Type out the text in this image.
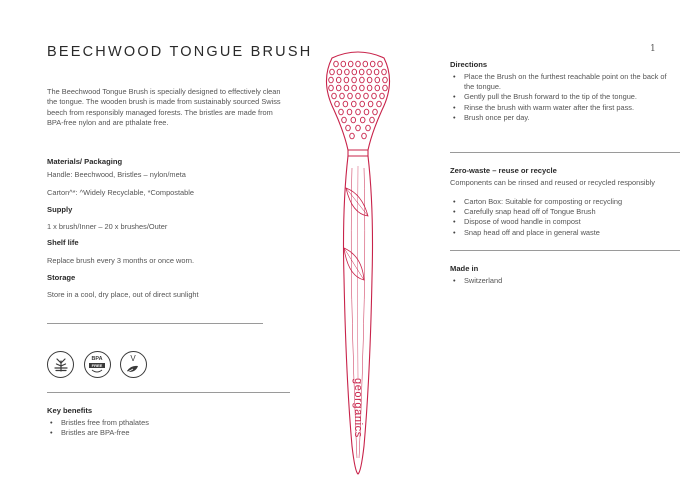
BEECHWOOD TONGUE BRUSH	1
The Beechwood Tongue Brush is specially designed to effectively clean the tongue. The wooden brush is made from sustainably sourced Swiss beech from responsibly managed forests. The bristles are made from BPA-free nylon and are pthalate free.
Materials/ Packaging
Handle: Beechwood, Bristles – nylon/meta
Carton^*: ^Widely Recyclable, *Compostable
Supply
1 x brush/Inner – 20 x brushes/Outer
Shelf life
Replace brush every 3 months or once worn.
Storage
Store in a cool, dry place, out of direct sunlight
BPA
FREE
V
Key benefits
• Bristles free from pthalates
• Bristles are BPA-free	georganics
Directions
• Place the Brush on the furthest reachable point on the back of the tongue.
• Gently pull the Brush forward to the tip of the tongue.
• Rinse the brush with warm water after the first pass.
• Brush once per day.
Zero-waste – reuse or recycle
Components can be rinsed and reused or recycled responsibly
• Carton Box: Suitable for composting or recycling
• Carefully snap head off of Tongue Brush
• Dispose of wood handle in compost
• Snap head off and place in general waste
Made in
• Switzerland
